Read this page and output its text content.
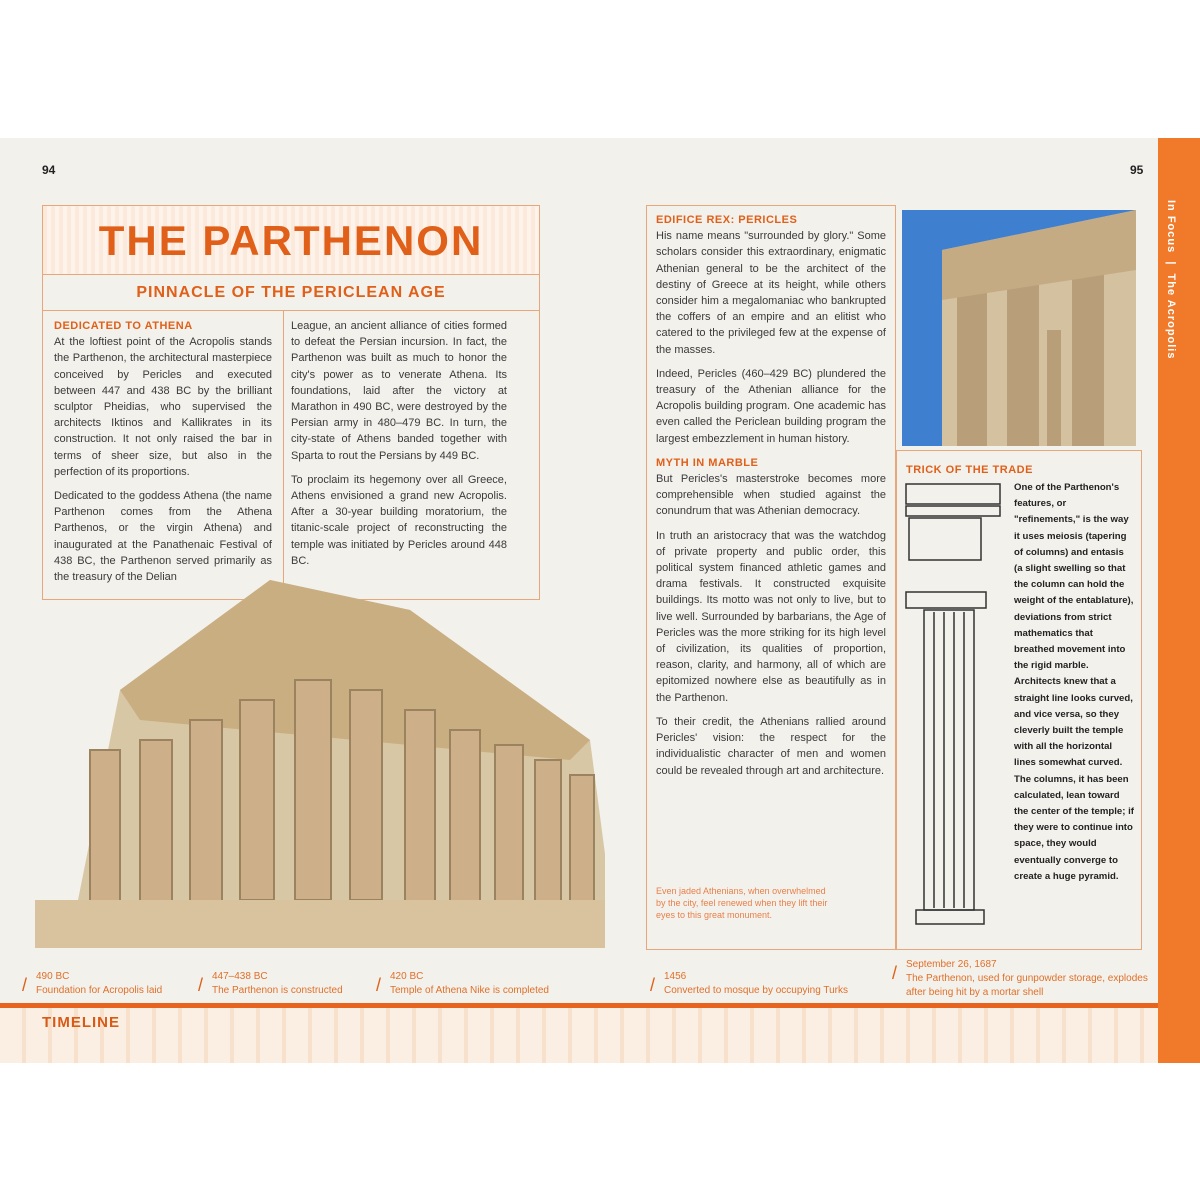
94	95
In Focus  |  The Acropolis
THE PARTHENON
PINNACLE OF THE PERICLEAN AGE
DEDICATED TO ATHENA

At the loftiest point of the Acropolis stands the Parthenon, the architectural masterpiece conceived by Pericles and executed between 447 and 438 BC by the brilliant sculptor Pheidias, who supervised the architects Iktinos and Kallikrates in its construction. It not only raised the bar in terms of sheer size, but also in the perfection of its proportions.

Dedicated to the goddess Athena (the name Parthenon comes from the Athena Parthenos, or the virgin Athena) and inaugurated at the Panathenaic Festival of 438 BC, the Parthenon served primarily as the treasury of the Delian

League, an ancient alliance of cities formed to defeat the Persian incursion. In fact, the Parthenon was built as much to honor the city's power as to venerate Athena. Its foundations, laid after the victory at Marathon in 490 BC, were destroyed by the Persian army in 480–479 BC. In turn, the city-state of Athens banded together with Sparta to rout the Persians by 449 BC.

To proclaim its hegemony over all Greece, Athens envisioned a grand new Acropolis. After a 30-year building moratorium, the titanic-scale project of reconstructing the temple was initiated by Pericles around 448 BC.

EDIFICE REX: PERICLES

His name means "surrounded by glory." Some scholars consider this extraordinary, enigmatic Athenian general to be the architect of the destiny of Greece at its height, while others consider him a megalomaniac who bankrupted the coffers of an empire and an elitist who catered to the privileged few at the expense of the masses.

Indeed, Pericles (460–429 BC) plundered the treasury of the Athenian alliance for the Acropolis building program. One academic has even called the Periclean building program the largest embezzlement in human history.

MYTH IN MARBLE

But Pericles's masterstroke becomes more comprehensible when studied against the conundrum that was Athenian democracy.

In truth an aristocracy that was the watchdog of private property and public order, this political system financed athletic games and drama festivals. It constructed exquisite buildings. Its motto was not only to live, but to live well. Surrounded by barbarians, the Age of Pericles was the more striking for its high level of civilization, its qualities of proportion, reason, clarity, and harmony, all of which are epitomized nowhere else as beautifully as in the Parthenon.

To their credit, the Athenians rallied around Pericles' vision: the respect for the individualistic character of men and women could be revealed through art and architecture.

Even jaded Athenians, when overwhelmed by the city, feel renewed when they lift their eyes to this great monument.
TRICK OF THE TRADE
One of the Parthenon's features, or "refinements," is the way it uses meiosis (tapering of columns) and entasis (a slight swelling so that the column can hold the weight of the entablature), deviations from strict mathematics that breathed movement into the rigid marble. Architects knew that a straight line looks curved, and vice versa, so they cleverly built the temple with all the horizontal lines somewhat curved. The columns, it has been calculated, lean toward the center of the temple; if they were to continue into space, they would eventually converge to create a huge pyramid.
TIMELINE
/ 490 BC
Foundation for Acropolis laid
/ 447–438 BC
The Parthenon is constructed
/ 420 BC
Temple of Athena Nike is completed
/ 1456
Converted to mosque by occupying Turks
/ September 26, 1687
The Parthenon, used for gunpowder storage, explodes after being hit by a mortar shell
